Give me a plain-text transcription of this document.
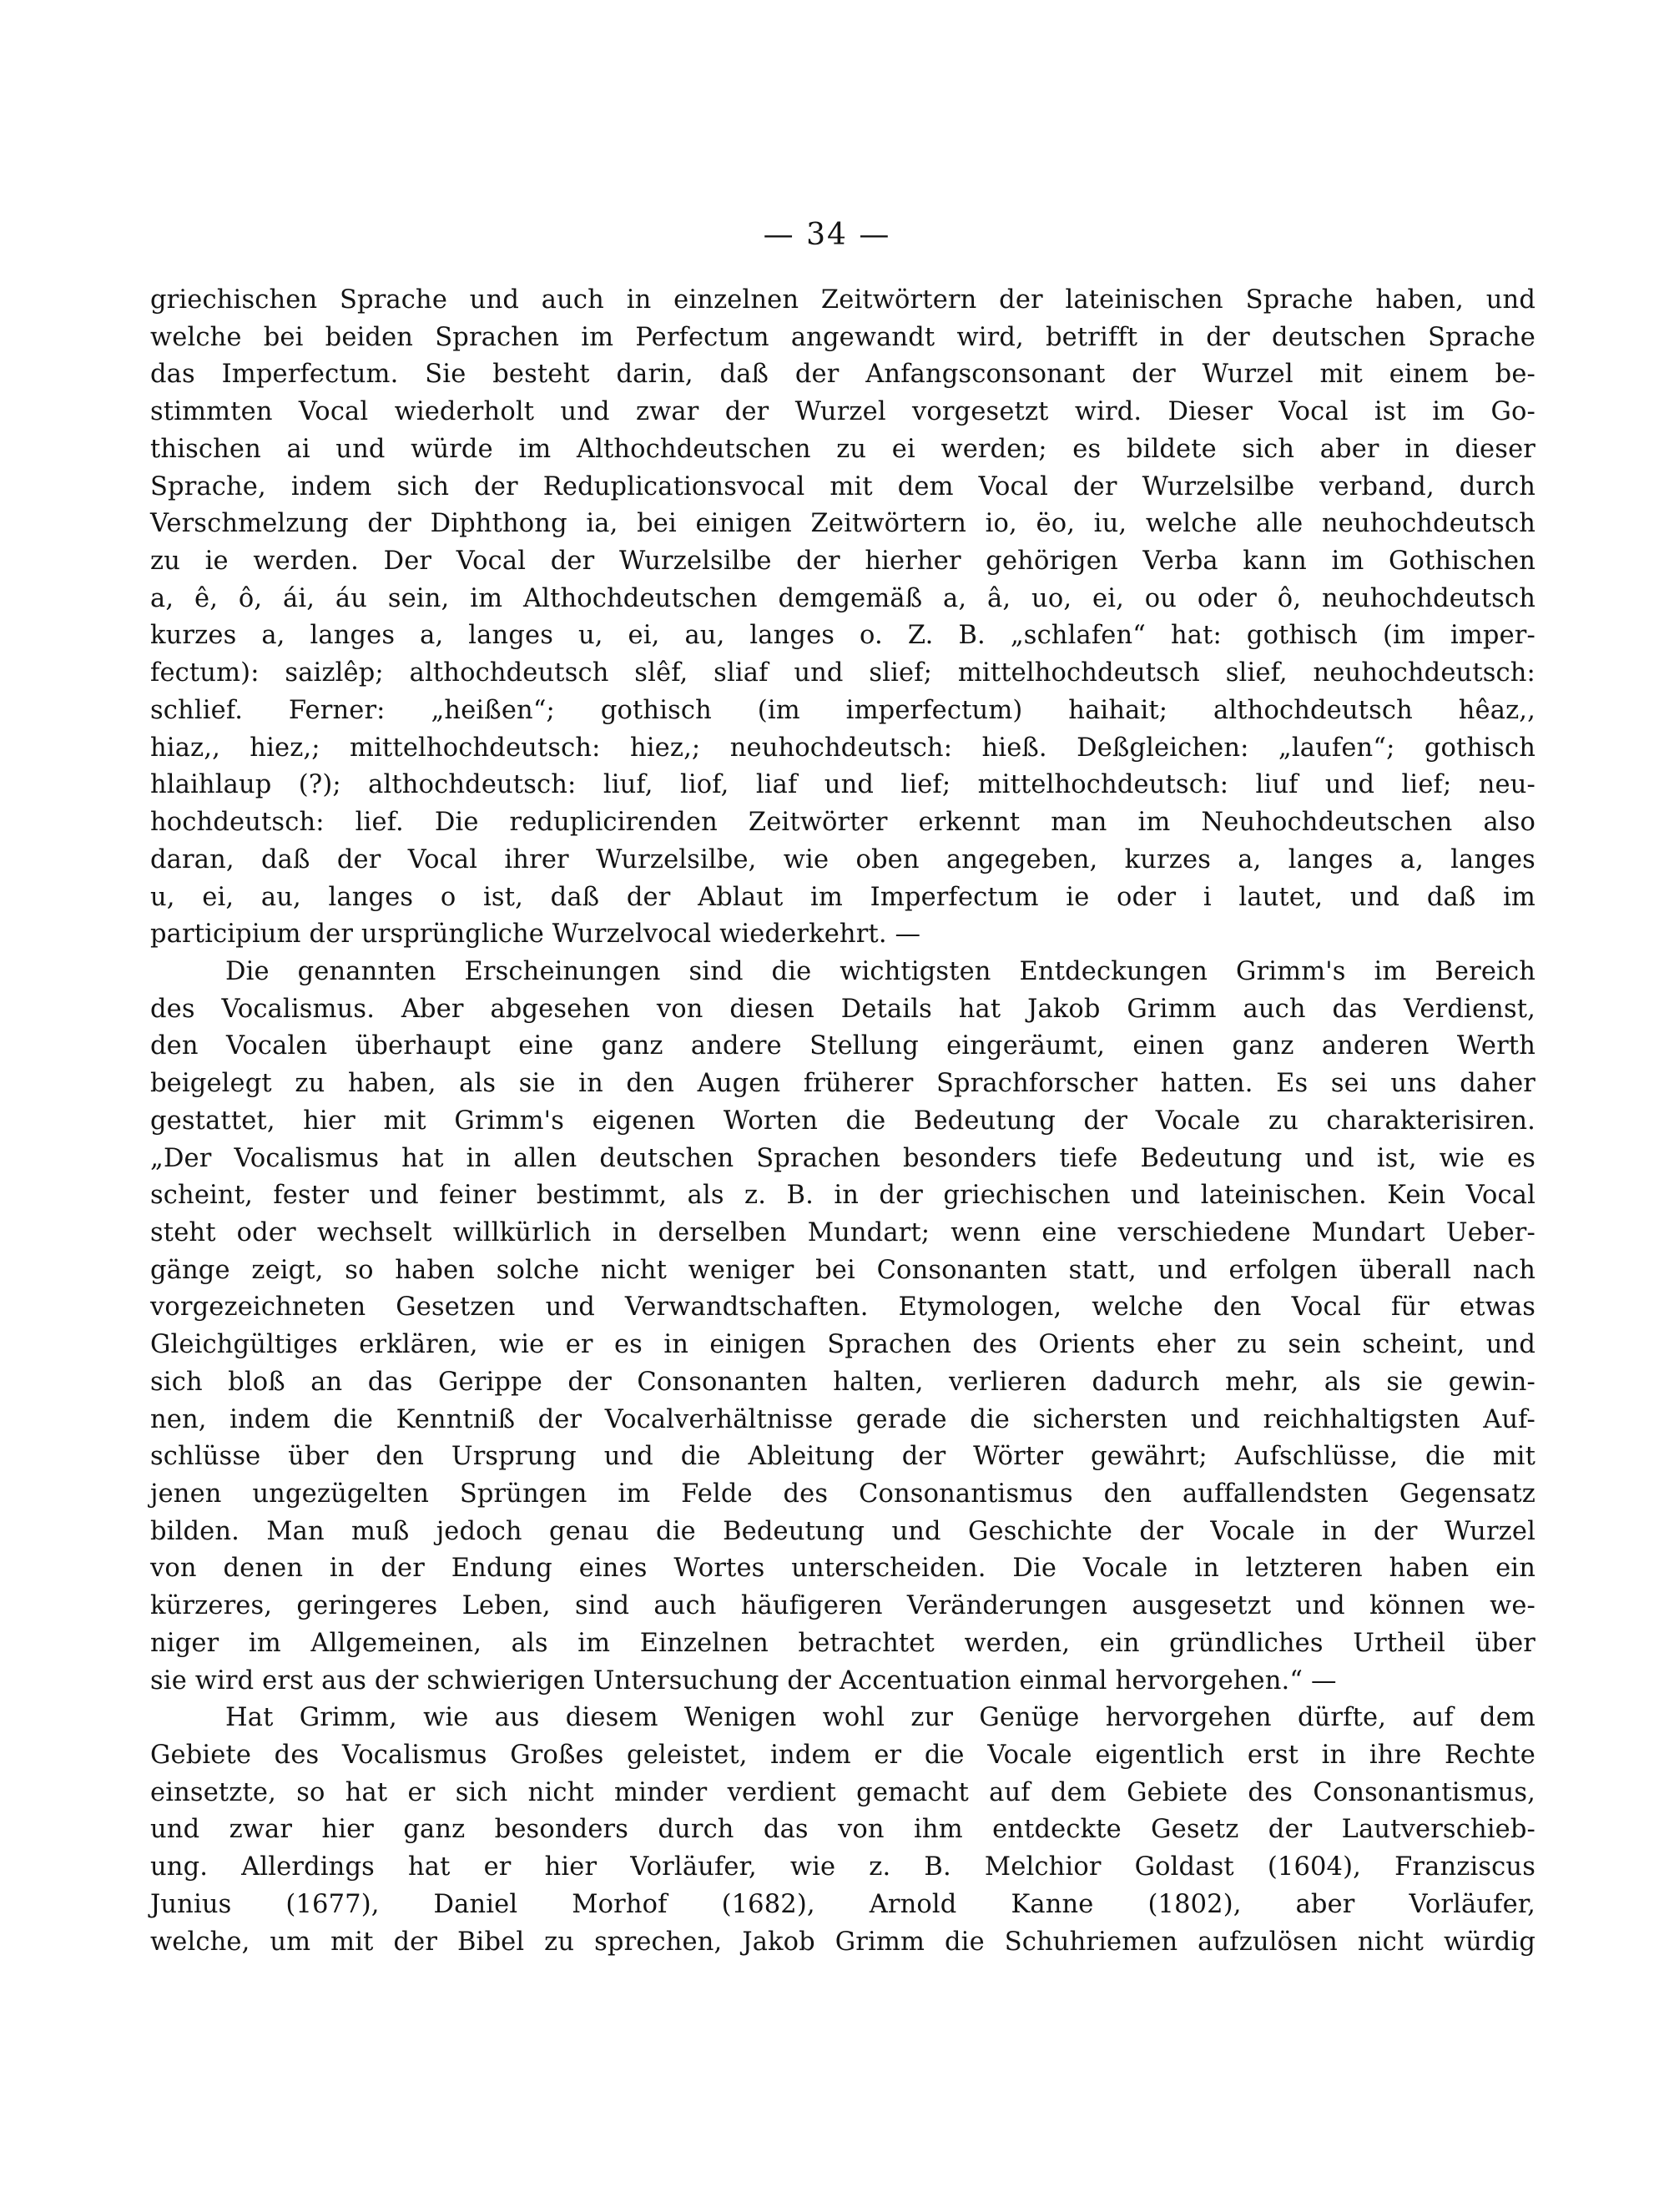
— 34 —
griechischen Sprache und auch in einzelnen Zeitwörtern der lateinischen Sprache haben, und
welche bei beiden Sprachen im Perfectum angewandt wird, betrifft in der deutschen Sprache
das Imperfectum. Sie besteht darin, daß der Anfangsconsonant der Wurzel mit einem be-
stimmten Vocal wiederholt und zwar der Wurzel vorgesetzt wird. Dieser Vocal ist im Go-
thischen ai und würde im Althochdeutschen zu ei werden; es bildete sich aber in dieser
Sprache, indem sich der Reduplicationsvocal mit dem Vocal der Wurzelsilbe verband, durch
Verschmelzung der Diphthong ia, bei einigen Zeitwörtern io, ëo, iu, welche alle neuhochdeutsch
zu ie werden. Der Vocal der Wurzelsilbe der hierher gehörigen Verba kann im Gothischen
a, ê, ô, ái, áu sein, im Althochdeutschen demgemäß a, â, uo, ei, ou oder ô, neuhochdeutsch
kurzes a, langes a, langes u, ei, au, langes o. Z. B. „schlafen“ hat: gothisch (im imper-
fectum): saizlêp; althochdeutsch slêf, sliaf und slief; mittelhochdeutsch slief, neuhochdeutsch:
schlief. Ferner: „heißen“; gothisch (im imperfectum) haihait; althochdeutsch hêaz,,
hiaz,, hiez,; mittelhochdeutsch: hiez,; neuhochdeutsch: hieß. Deßgleichen: „laufen“; gothisch
hlaihlaup (?); althochdeutsch: liuf, liof, liaf und lief; mittelhochdeutsch: liuf und lief; neu-
hochdeutsch: lief. Die reduplicirenden Zeitwörter erkennt man im Neuhochdeutschen also
daran, daß der Vocal ihrer Wurzelsilbe, wie oben angegeben, kurzes a, langes a, langes
u, ei, au, langes o ist, daß der Ablaut im Imperfectum ie oder i lautet, und daß im
participium der ursprüngliche Wurzelvocal wiederkehrt. —
Die genannten Erscheinungen sind die wichtigsten Entdeckungen Grimm's im Bereich
des Vocalismus. Aber abgesehen von diesen Details hat Jakob Grimm auch das Verdienst,
den Vocalen überhaupt eine ganz andere Stellung eingeräumt, einen ganz anderen Werth
beigelegt zu haben, als sie in den Augen früherer Sprachforscher hatten. Es sei uns daher
gestattet, hier mit Grimm's eigenen Worten die Bedeutung der Vocale zu charakterisiren.
„Der Vocalismus hat in allen deutschen Sprachen besonders tiefe Bedeutung und ist, wie es
scheint, fester und feiner bestimmt, als z. B. in der griechischen und lateinischen. Kein Vocal
steht oder wechselt willkürlich in derselben Mundart; wenn eine verschiedene Mundart Ueber-
gänge zeigt, so haben solche nicht weniger bei Consonanten statt, und erfolgen überall nach
vorgezeichneten Gesetzen und Verwandtschaften. Etymologen, welche den Vocal für etwas
Gleichgültiges erklären, wie er es in einigen Sprachen des Orients eher zu sein scheint, und
sich bloß an das Gerippe der Consonanten halten, verlieren dadurch mehr, als sie gewin-
nen, indem die Kenntniß der Vocalverhältnisse gerade die sichersten und reichhaltigsten Auf-
schlüsse über den Ursprung und die Ableitung der Wörter gewährt; Aufschlüsse, die mit
jenen ungezügelten Sprüngen im Felde des Consonantismus den auffallendsten Gegensatz
bilden. Man muß jedoch genau die Bedeutung und Geschichte der Vocale in der Wurzel
von denen in der Endung eines Wortes unterscheiden. Die Vocale in letzteren haben ein
kürzeres, geringeres Leben, sind auch häufigeren Veränderungen ausgesetzt und können we-
niger im Allgemeinen, als im Einzelnen betrachtet werden, ein gründliches Urtheil über
sie wird erst aus der schwierigen Untersuchung der Accentuation einmal hervorgehen.“ —
Hat Grimm, wie aus diesem Wenigen wohl zur Genüge hervorgehen dürfte, auf dem
Gebiete des Vocalismus Großes geleistet, indem er die Vocale eigentlich erst in ihre Rechte
einsetzte, so hat er sich nicht minder verdient gemacht auf dem Gebiete des Consonantismus,
und zwar hier ganz besonders durch das von ihm entdeckte Gesetz der Lautverschieb-
ung. Allerdings hat er hier Vorläufer, wie z. B. Melchior Goldast (1604), Franziscus
Junius (1677), Daniel Morhof (1682), Arnold Kanne (1802), aber Vorläufer,
welche, um mit der Bibel zu sprechen, Jakob Grimm die Schuhriemen aufzulösen nicht würdig
